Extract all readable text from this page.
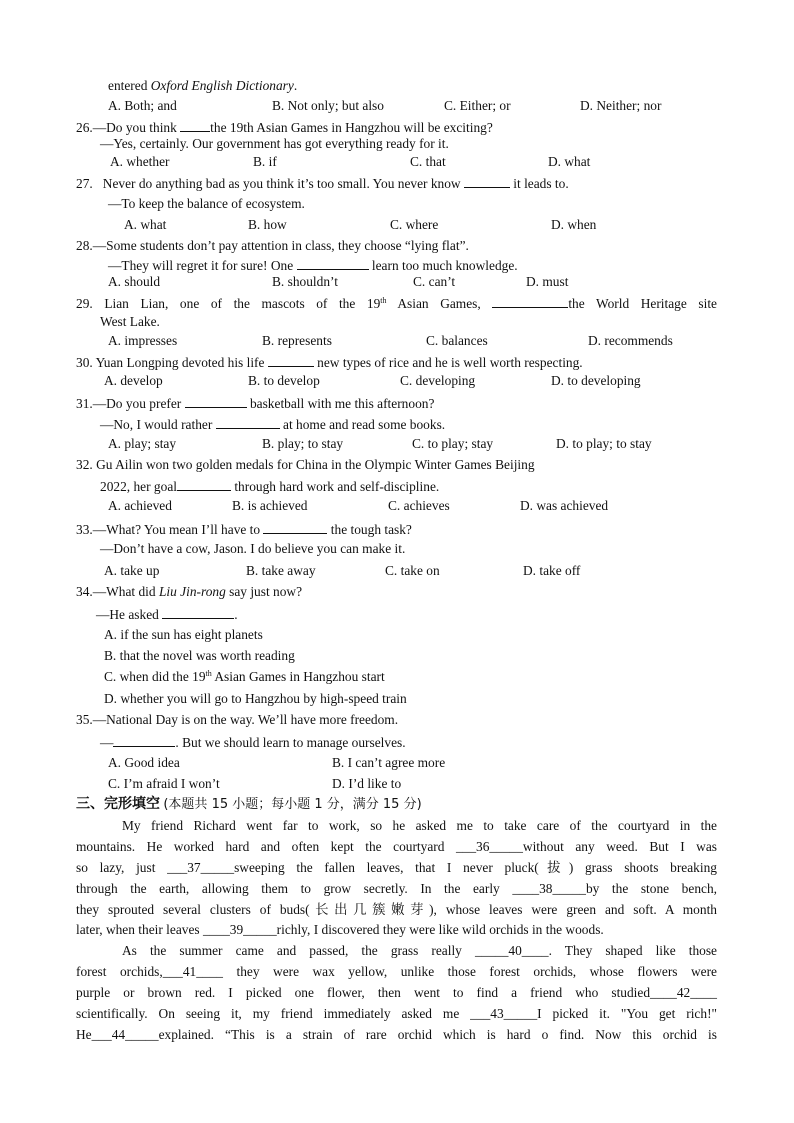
entered Oxford English Dictionary.
A. Both; and	B. Not only; but also	C. Either; or	D. Neither; nor
26.—Do you think the 19th Asian Games in Hangzhou will be exciting?
—Yes, certainly. Our government has got everything ready for it.
A. whether	B. if	C. that	D. what
27. Never do anything bad as you think it’s too small. You never know	it leads to.
—To keep the balance of ecosystem.
A. what	B. how	C. where	D. when
28.—Some students don’t pay attention in class, they choose “lying flat”.
—They will regret it for sure! One	learn too much knowledge.
A. should	B. shouldn’t	C. can’t	D. must
29. Lian Lian, one of the mascots of the 19th Asian Games,	the World Heritage site
West Lake.
A. impresses	B. represents	C. balances	D. recommends
30. Yuan Longping devoted his life	new types of rice and he is well worth respecting.
A. develop	B. to develop	C. developing	D. to developing
31.—Do you prefer	basketball with me this afternoon?
—No, I would rather	at home and read some books.
A. play; stay	B. play; to stay	C. to play; stay	D. to play; to stay
32. Gu Ailin won two golden medals for China in the Olympic Winter Games Beijing
2022, her goal	through hard work and self-discipline.
A. achieved	B. is achieved	C. achieves	D. was achieved
33.—What? You mean I’ll have to	the tough task?
—Don’t have a cow, Jason. I do believe you can make it.
A. take up	B. take away	C. take on	D. take off
34.—What did Liu Jin-rong say just now?
—He asked	.
A. if the sun has eight planets
B. that the novel was worth reading
C. when did the 19th Asian Games in Hangzhou start
D. whether you will go to Hangzhou by high-speed train
35.—National Day is on the way. We’ll have more freedom.
—	. But we should learn to manage ourselves.
A. Good idea	B. I can’t agree more
C. I’m afraid I won’t	D. I’d like to
三、完形填空 (本题共 15 小题；每小题 1 分，满分 15 分)
My friend Richard went far to work, so he asked me to take care of the courtyard in the
mountains. He worked hard and often kept the courtyard ___36_____without any weed. But I was
so lazy, just ___37_____sweeping the fallen leaves, that I never pluck(拔) grass shoots breaking
through the earth, allowing them to grow secretly. In the early ____38_____by the stone bench,
they sprouted several clusters of buds(长出几簇嫩芽), whose leaves were green and soft. A month
later, when their leaves ____39_____richly, I discovered they were like wild orchids in the woods.
As the summer came and passed, the grass really _____40____. They shaped like those
forest orchids,___41____ they were wax yellow, unlike those forest orchids, whose flowers were
purple or brown red. I picked one flower, then went to find a friend who studied____42____
scientifically. On seeing it, my friend immediately asked me ___43_____I picked it. "You get rich!"
He___44_____explained. “This is a strain of rare orchid which is hard o find. Now this orchid is
